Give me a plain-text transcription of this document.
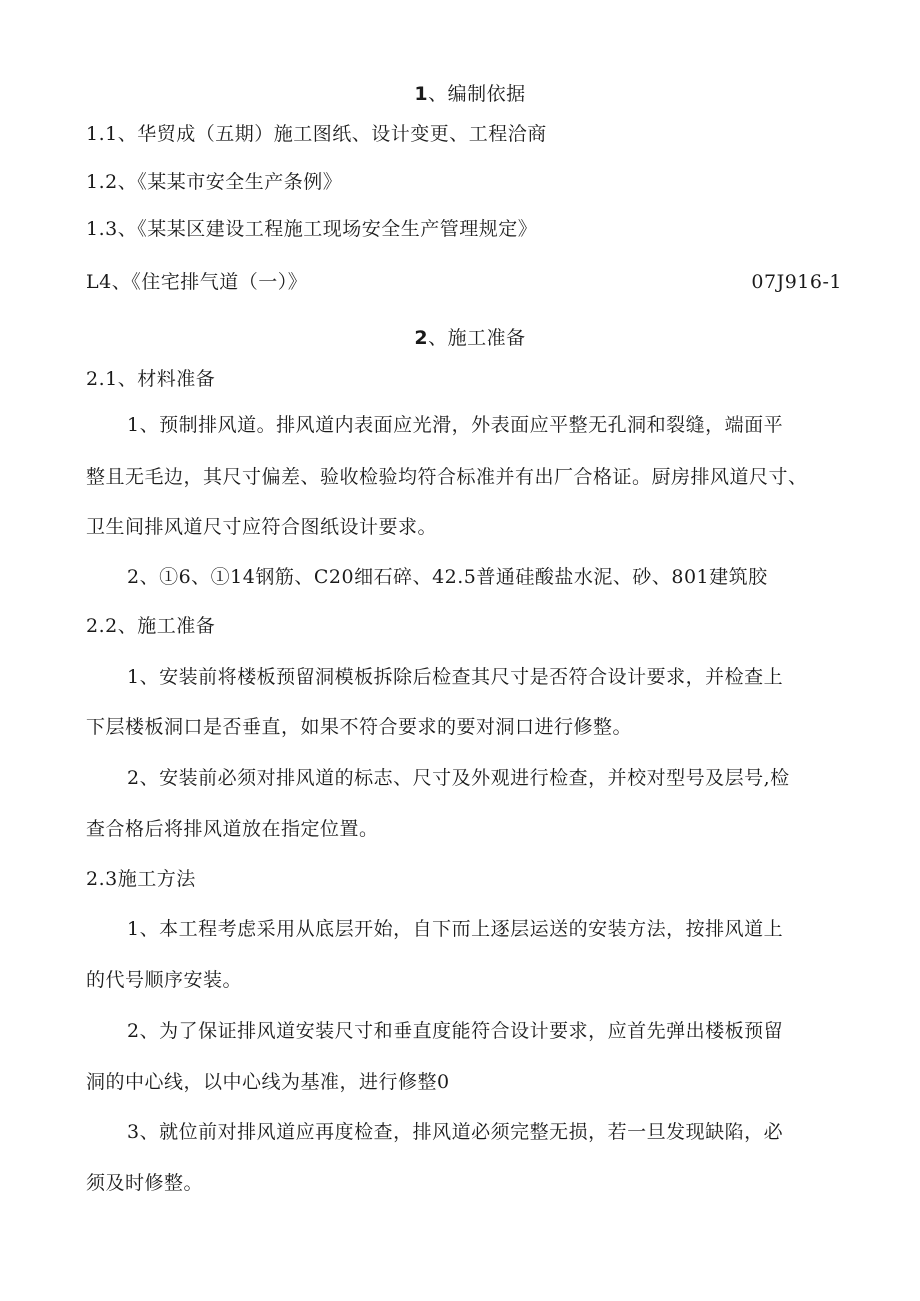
1、编制依据
1.1、华贸成（五期）施工图纸、设计变更、工程洽商
1.2、《某某市安全生产条例》
1.3、《某某区建设工程施工现场安全生产管理规定》
L4、《住宅排气道（一）》	07J916-1
2、施工准备
2.1、材料准备
1、预制排风道。排风道内表面应光滑，外表面应平整无孔洞和裂缝，端面平
整且无毛边，其尺寸偏差、验收检验均符合标准并有出厂合格证。厨房排风道尺寸、
卫生间排风道尺寸应符合图纸设计要求。
2、①6、①14钢筋、C20细石碎、42.5普通硅酸盐水泥、砂、801建筑胶
2.2、施工准备
1、安装前将楼板预留洞模板拆除后检查其尺寸是否符合设计要求，并检查上
下层楼板洞口是否垂直，如果不符合要求的要对洞口进行修整。
2、安装前必须对排风道的标志、尺寸及外观进行检查，并校对型号及层号,检
查合格后将排风道放在指定位置。
2.3施工方法
1、本工程考虑采用从底层开始，自下而上逐层运送的安装方法，按排风道上
的代号顺序安装。
2、为了保证排风道安装尺寸和垂直度能符合设计要求，应首先弹出楼板预留
洞的中心线，以中心线为基准，进行修整0
3、就位前对排风道应再度检查，排风道必须完整无损，若一旦发现缺陷，必
须及时修整。
